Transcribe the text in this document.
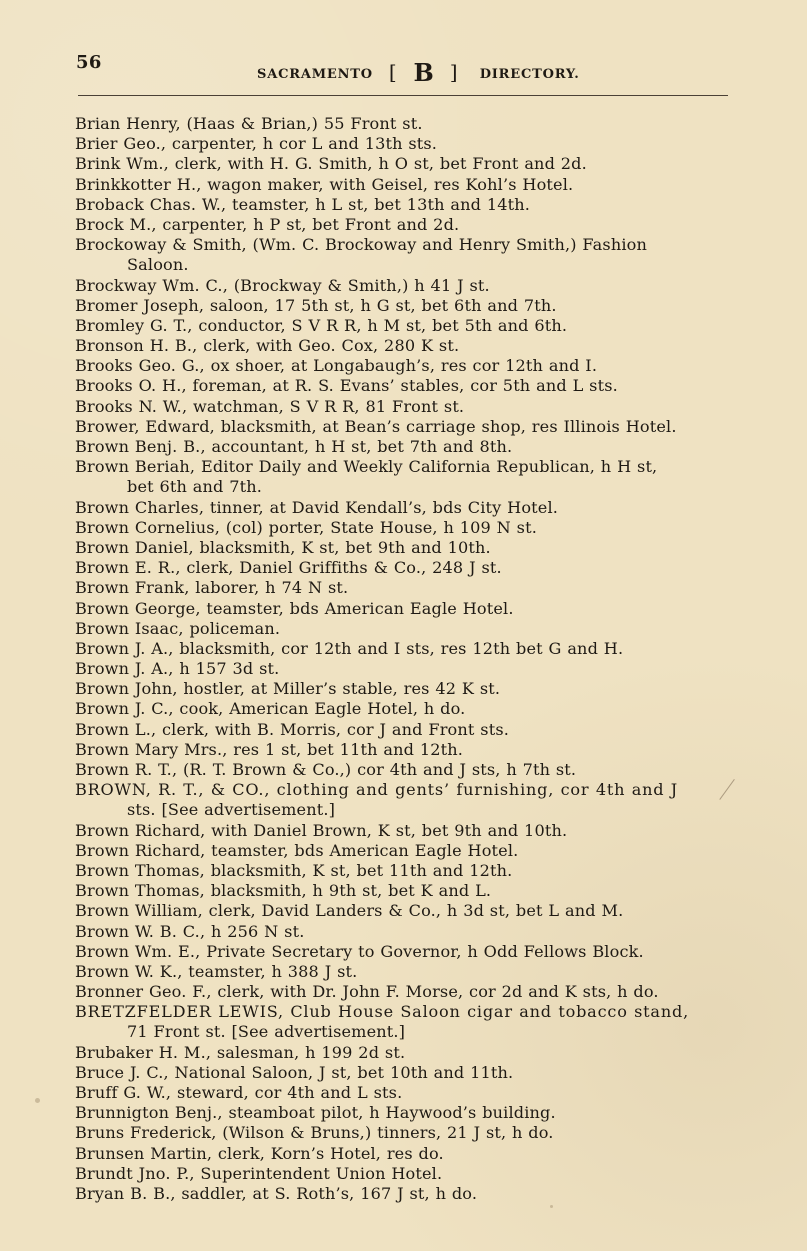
56
SACRAMENTO [ B ] DIRECTORY.
Brian Henry, (Haas & Brian,) 55 Front st.
Brier Geo., carpenter, h cor L and 13th sts.
Brink Wm., clerk, with H. G. Smith, h O st, bet Front and 2d.
Brinkkotter H., wagon maker, with Geisel, res Kohl’s Hotel.
Broback Chas. W., teamster, h L st, bet 13th and 14th.
Brock M., carpenter, h P st, bet Front and 2d.
Brockoway & Smith, (Wm. C. Brockoway and Henry Smith,) Fashion
Saloon.
Brockway Wm. C., (Brockway & Smith,) h 41 J st.
Bromer Joseph, saloon, 17 5th st, h G st, bet 6th and 7th.
Bromley G. T., conductor, S V R R, h M st, bet 5th and 6th.
Bronson H. B., clerk, with Geo. Cox, 280 K st.
Brooks Geo. G., ox shoer, at Longabaugh’s, res cor 12th and I.
Brooks O. H., foreman, at R. S. Evans’ stables, cor 5th and L sts.
Brooks N. W., watchman, S V R R, 81 Front st.
Brower, Edward, blacksmith, at Bean’s carriage shop, res Illinois Hotel.
Brown Benj. B., accountant, h H st, bet 7th and 8th.
Brown Beriah, Editor Daily and Weekly California Republican, h H st,
bet 6th and 7th.
Brown Charles, tinner, at David Kendall’s, bds City Hotel.
Brown Cornelius, (col) porter, State House, h 109 N st.
Brown Daniel, blacksmith, K st, bet 9th and 10th.
Brown E. R., clerk, Daniel Griffiths & Co., 248 J st.
Brown Frank, laborer, h 74 N st.
Brown George, teamster, bds American Eagle Hotel.
Brown Isaac, policeman.
Brown J. A., blacksmith, cor 12th and I sts, res 12th bet G and H.
Brown J. A., h 157 3d st.
Brown John, hostler, at Miller’s stable, res 42 K st.
Brown J. C., cook, American Eagle Hotel, h do.
Brown L., clerk, with B. Morris, cor J and Front sts.
Brown Mary Mrs., res 1 st, bet 11th and 12th.
Brown R. T., (R. T. Brown & Co.,) cor 4th and J sts, h 7th st.
BROWN, R. T., & CO., clothing and gents’ furnishing, cor 4th and J
sts. [See advertisement.]
Brown Richard, with Daniel Brown, K st, bet 9th and 10th.
Brown Richard, teamster, bds American Eagle Hotel.
Brown Thomas, blacksmith, K st, bet 11th and 12th.
Brown Thomas, blacksmith, h 9th st, bet K and L.
Brown William, clerk, David Landers & Co., h 3d st, bet L and M.
Brown W. B. C., h 256 N st.
Brown Wm. E., Private Secretary to Governor, h Odd Fellows Block.
Brown W. K., teamster, h 388 J st.
Bronner Geo. F., clerk, with Dr. John F. Morse, cor 2d and K sts, h do.
BRETZFELDER LEWIS, Club House Saloon cigar and tobacco stand,
71 Front st. [See advertisement.]
Brubaker H. M., salesman, h 199 2d st.
Bruce J. C., National Saloon, J st, bet 10th and 11th.
Bruff G. W., steward, cor 4th and L sts.
Brunnigton Benj., steamboat pilot, h Haywood’s building.
Bruns Frederick, (Wilson & Bruns,) tinners, 21 J st, h do.
Brunsen Martin, clerk, Korn’s Hotel, res do.
Brundt Jno. P., Superintendent Union Hotel.
Bryan B. B., saddler, at S. Roth’s, 167 J st, h do.
